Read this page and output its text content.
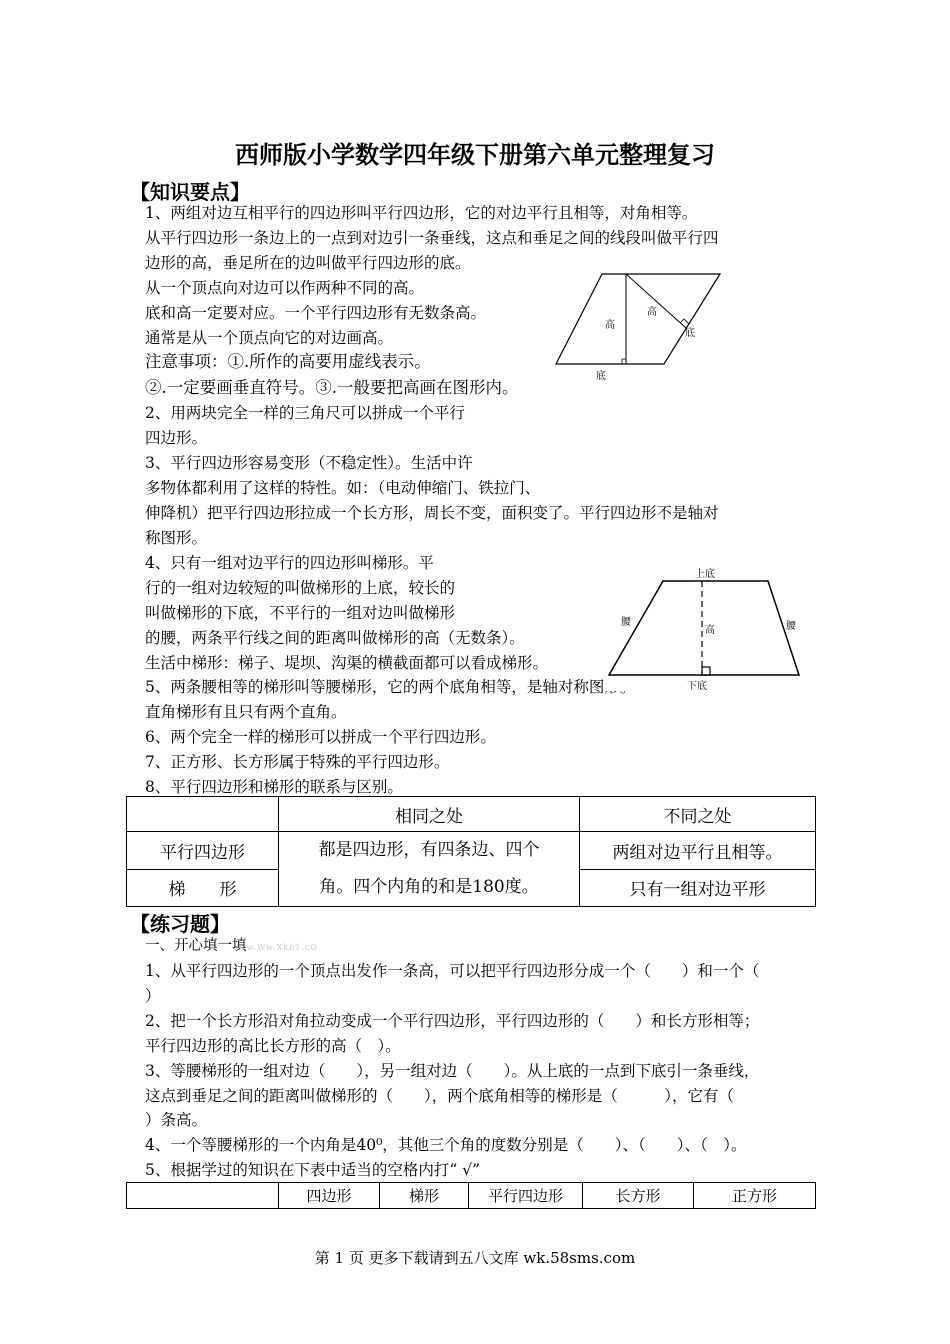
西师版小学数学四年级下册第六单元整理复习
【知识要点】
1、两组对边互相平行的四边形叫平行四边形，它的对边平行且相等，对角相等。
从平行四边形一条边上的一点到对边引一条垂线，这点和垂足之间的线段叫做平行四
边形的高，垂足所在的边叫做平行四边形的底。
从一个顶点向对边可以作两种不同的高。
底和高一定要对应。一个平行四边形有无数条高。
通常是从一个顶点向它的对边画高。
注意事项：①.所作的高要用虚线表示。
②.一定要画垂直符号。③.一般要把高画在图形内。
2、用两块完全一样的三角尺可以拼成一个平行
四边形。
3、平行四边形容易变形（不稳定性）。生活中许
多物体都利用了这样的特性。如：（电动伸缩门、铁拉门、
伸降机）把平行四边形拉成一个长方形，周长不变，面积变了。平行四边形不是轴对
称图形。
4、只有一组对边平行的四边形叫梯形。平
行的一组对边较短的叫做梯形的上底，较长的
叫做梯形的下底，不平行的一组对边叫做梯形
的腰，两条平行线之间的距离叫做梯形的高（无数条）。
生活中梯形：梯子、堤坝、沟渠的横截面都可以看成梯形。
5、两条腰相等的梯形叫等腰梯形，它的两个底角相等，是轴对称图形。
直角梯形有且只有两个直角。
6、两个完全一样的梯形可以拼成一个平行四边形。
7、正方形、长方形属于特殊的平行四边形。
8、平行四边形和梯形的联系与区别。
高
高
底
底
上底
高
腰	腰
下底
	相同之处	不同之处
平行四边形	都是四边形，有四条边、四个
角。四个内角的和是180度。	两组对边平行且相等。
梯　　形		只有一组对边平形
【练习题】
一、开心填一填w.Ww.Xkb1.cO
1、从平行四边形的一个顶点出发作一条高，可以把平行四边形分成一个（　　）和一个（
）
2、把一个长方形沿对角拉动变成一个平行四边形，平行四边形的（　　）和长方形相等；
平行四边形的高比长方形的高（　）。
3、等腰梯形的一组对边（　　），另一组对边（　　）。从上底的一点到下底引一条垂线，
这点到垂足之间的距离叫做梯形的（　　），两个底角相等的梯形是（　　　），它有（
）条高。
4、一个等腰梯形的一个内角是40⁰，其他三个角的度数分别是（　　）、（　　）、（　）。
5、根据学过的知识在下表中适当的空格内打“ √”
	四边形	梯形	平行四边形	长方形	正方形
第 1 页 更多下载请到五八文库 wk.58sms.com
